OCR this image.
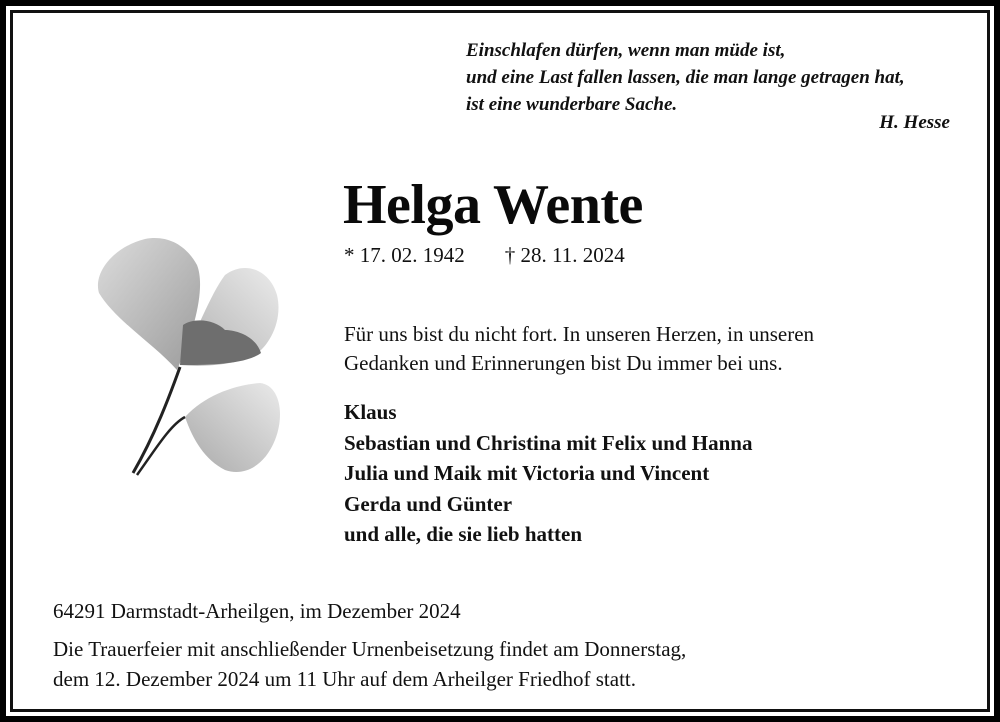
Einschlafen dürfen, wenn man müde ist,
und eine Last fallen lassen, die man lange getragen hat,
ist eine wunderbare Sache.
H. Hesse
Helga Wente
* 17. 02. 1942 † 28. 11. 2024
Für uns bist du nicht fort. In unseren Herzen, in unseren
Gedanken und Erinnerungen bist Du immer bei uns.
Klaus
Sebastian und Christina mit Felix und Hanna
Julia und Maik mit Victoria und Vincent
Gerda und Günter
und alle, die sie lieb hatten
64291 Darmstadt-Arheilgen, im Dezember 2024
Die Trauerfeier mit anschließender Urnenbeisetzung findet am Donnerstag,
dem 12. Dezember 2024 um 11 Uhr auf dem Arheilger Friedhof statt.
